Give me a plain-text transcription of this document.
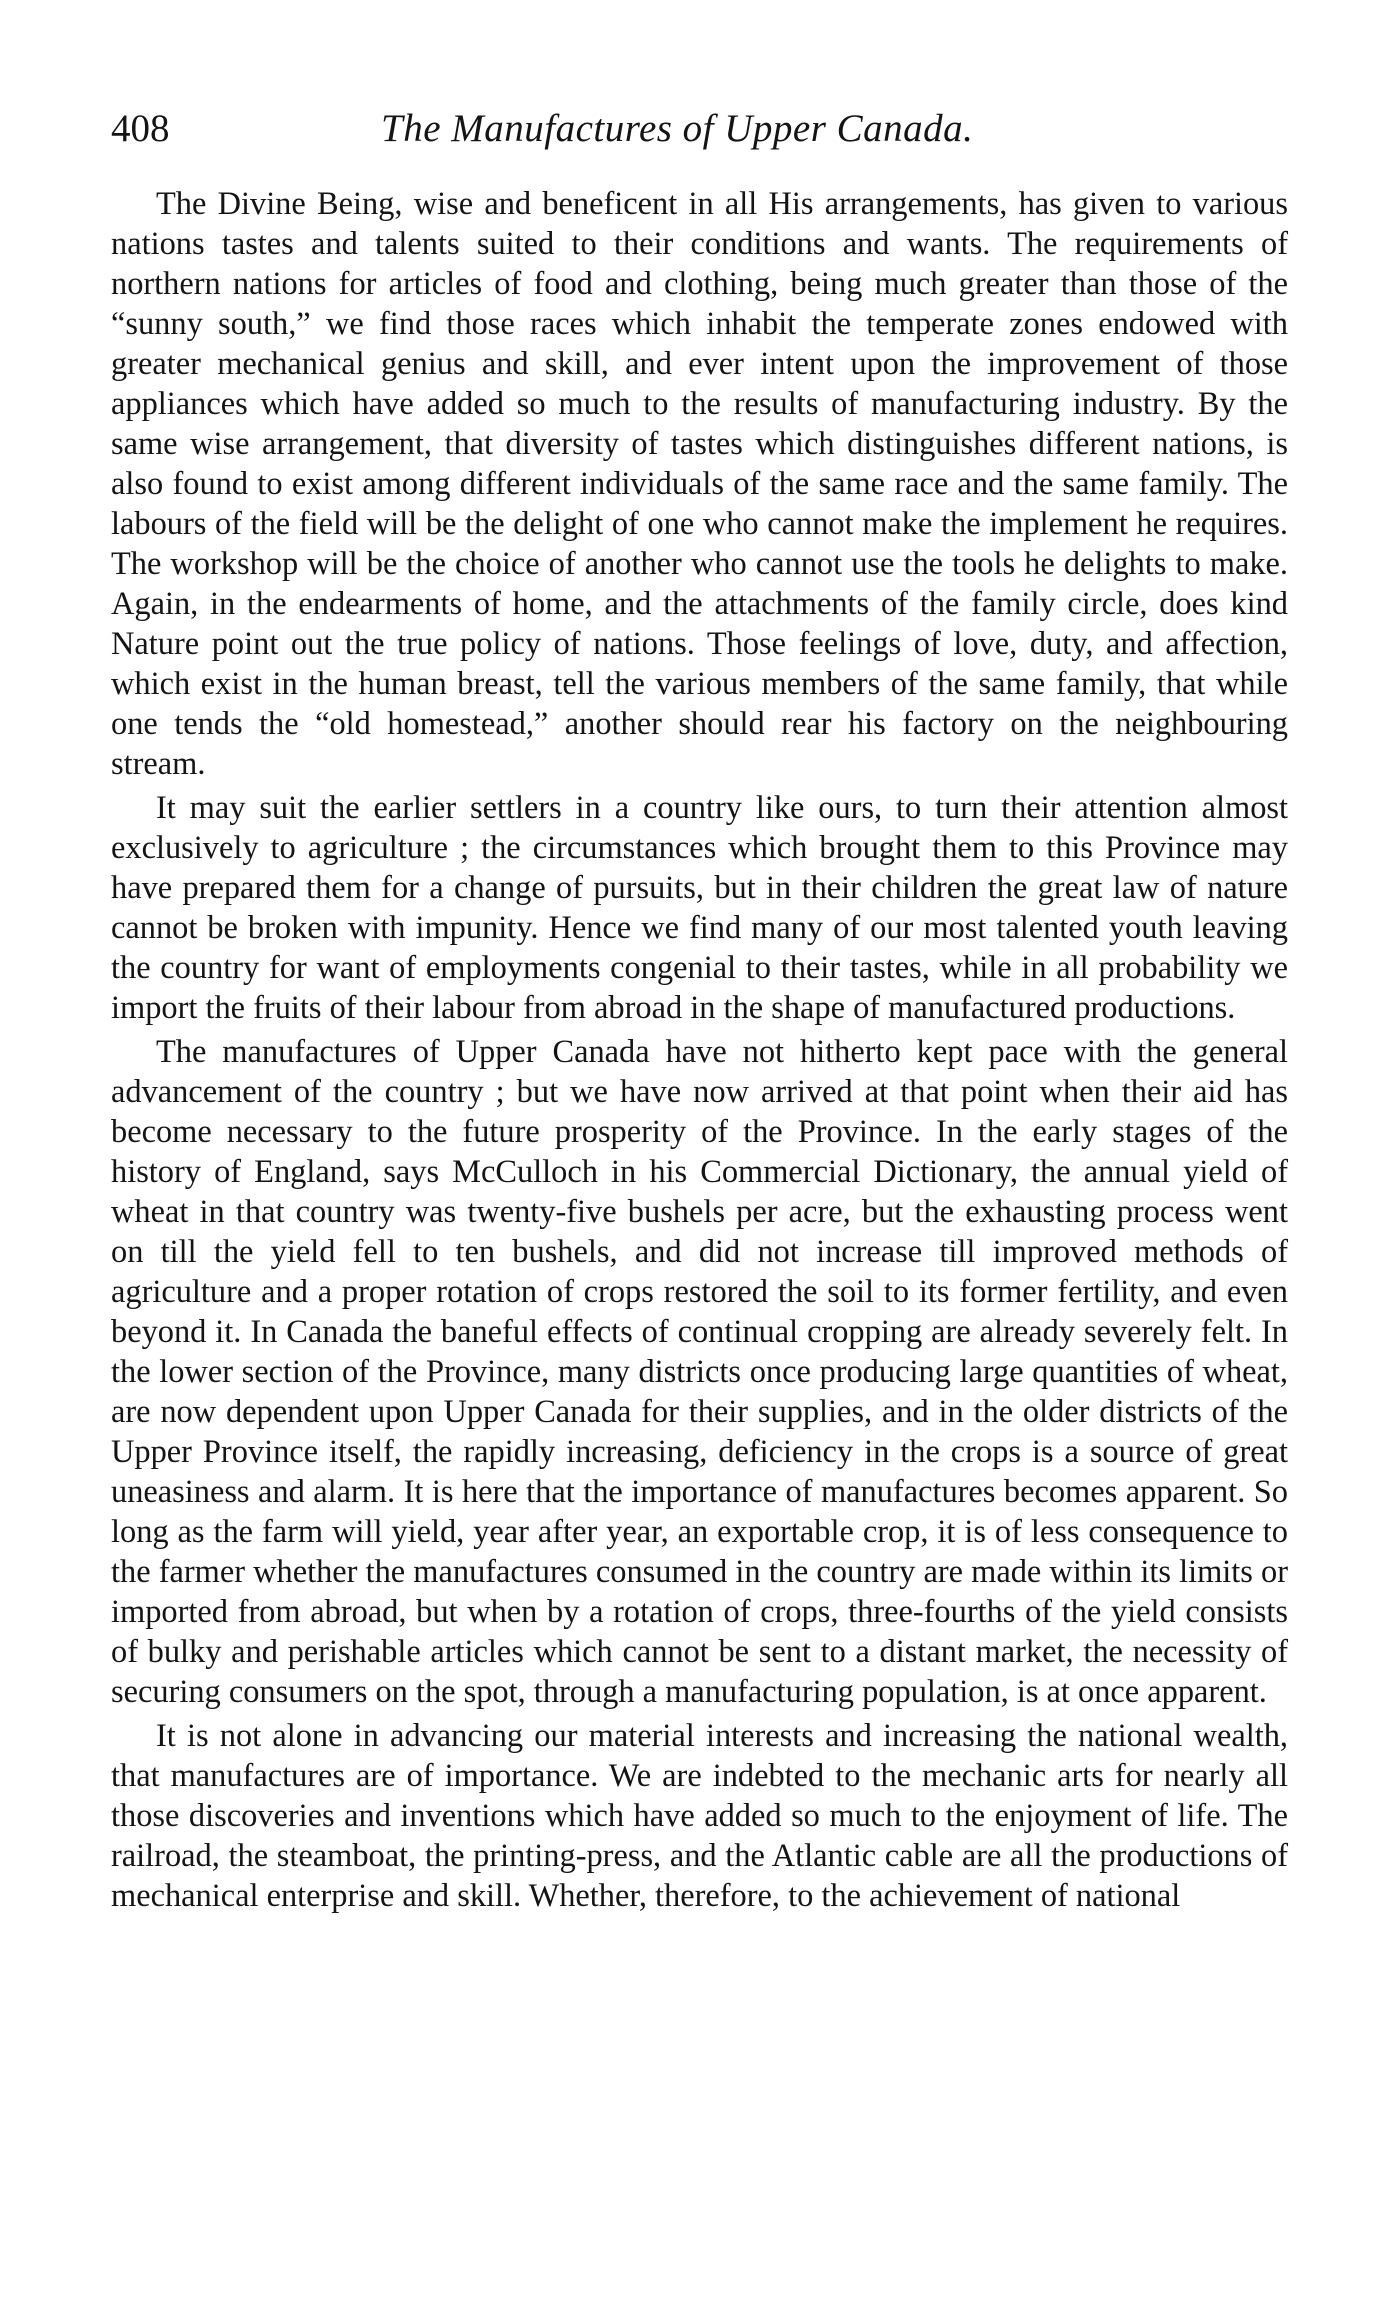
408	The Manufactures of Upper Canada.

The Divine Being, wise and beneficent in all His arrangements, has given to various nations tastes and talents suited to their conditions and wants. The requirements of northern nations for articles of food and clothing, being much greater than those of the “sunny south,” we find those races which inhabit the temperate zones endowed with greater mechanical genius and skill, and ever intent upon the improvement of those appliances which have added so much to the results of manufacturing industry. By the same wise arrangement, that diversity of tastes which distinguishes different nations, is also found to exist among different individuals of the same race and the same family. The labours of the field will be the delight of one who cannot make the implement he requires. The workshop will be the choice of another who cannot use the tools he delights to make. Again, in the endearments of home, and the attachments of the family circle, does kind Nature point out the true policy of nations. Those feelings of love, duty, and affection, which exist in the human breast, tell the various members of the same family, that while one tends the “old homestead,” another should rear his factory on the neighbouring stream.

It may suit the earlier settlers in a country like ours, to turn their attention almost exclusively to agriculture ; the circumstances which brought them to this Province may have prepared them for a change of pursuits, but in their children the great law of nature cannot be broken with impunity. Hence we find many of our most talented youth leaving the country for want of employments congenial to their tastes, while in all probability we import the fruits of their labour from abroad in the shape of manufactured productions.

The manufactures of Upper Canada have not hitherto kept pace with the general advancement of the country ; but we have now arrived at that point when their aid has become necessary to the future prosperity of the Province. In the early stages of the history of England, says McCulloch in his Commercial Dictionary, the annual yield of wheat in that country was twenty-five bushels per acre, but the exhausting process went on till the yield fell to ten bushels, and did not increase till improved methods of agriculture and a proper rotation of crops restored the soil to its former fertility, and even beyond it. In Canada the baneful effects of continual cropping are already severely felt. In the lower section of the Province, many districts once producing large quantities of wheat, are now dependent upon Upper Canada for their supplies, and in the older districts of the Upper Province itself, the rapidly increasing, deficiency in the crops is a source of great uneasiness and alarm. It is here that the importance of manufactures becomes apparent. So long as the farm will yield, year after year, an exportable crop, it is of less consequence to the farmer whether the manufactures consumed in the country are made within its limits or imported from abroad, but when by a rotation of crops, three-fourths of the yield consists of bulky and perishable articles which cannot be sent to a distant market, the necessity of securing consumers on the spot, through a manufacturing population, is at once apparent.

It is not alone in advancing our material interests and increasing the national wealth, that manufactures are of importance. We are indebted to the mechanic arts for nearly all those discoveries and inventions which have added so much to the enjoyment of life. The railroad, the steamboat, the printing-press, and the Atlantic cable are all the productions of mechanical enterprise and skill. Whether, therefore, to the achievement of national
